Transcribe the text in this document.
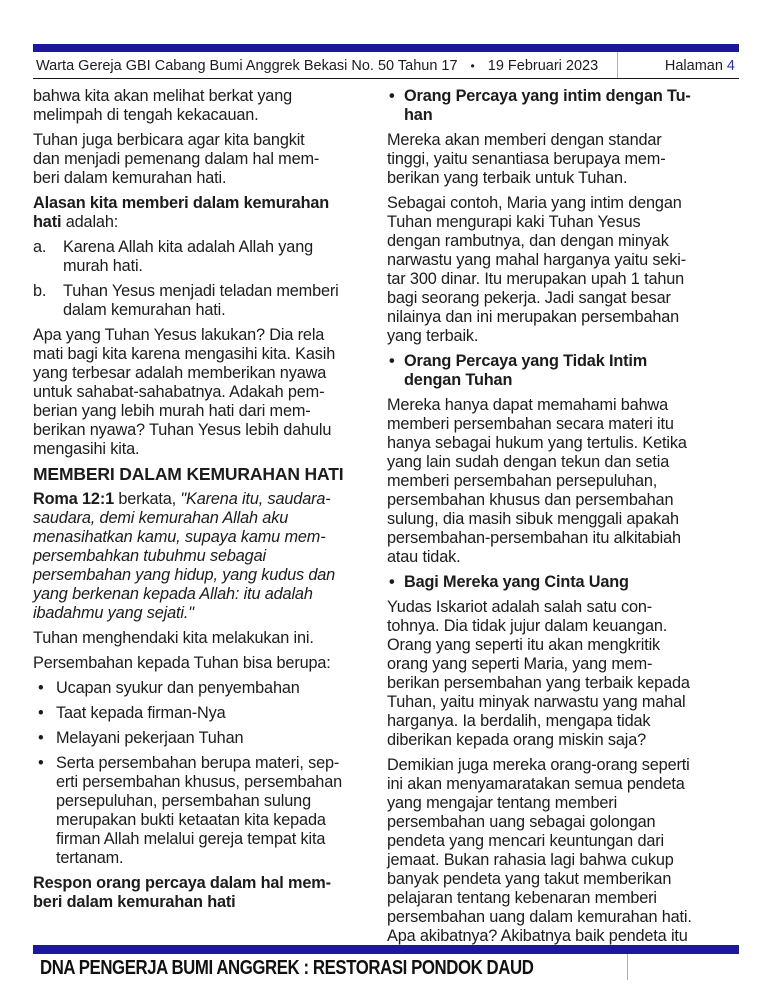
Warta Gereja GBI Cabang Bumi Anggrek Bekasi No. 50 Tahun 17 • 19 Februari 2023	Halaman 4
bahwa kita akan melihat berkat yang
melimpah di tengah kekacauan.
Tuhan juga berbicara agar kita bangkit
dan menjadi pemenang dalam hal mem-
beri dalam kemurahan hati.
Alasan kita memberi dalam kemurahan
hati adalah:
a.	Karena Allah kita adalah Allah yang
murah hati.
b.	Tuhan Yesus menjadi teladan memberi
dalam kemurahan hati.
Apa yang Tuhan Yesus lakukan? Dia rela
mati bagi kita karena mengasihi kita. Kasih
yang terbesar adalah memberikan nyawa
untuk sahabat-sahabatnya. Adakah pem-
berian yang lebih murah hati dari mem-
berikan nyawa? Tuhan Yesus lebih dahulu
mengasihi kita.
MEMBERI DALAM KEMURAHAN HATI
Roma 12:1 berkata, "Karena itu, saudara-
saudara, demi kemurahan Allah aku
menasihatkan kamu, supaya kamu mem-
persembahkan tubuhmu sebagai
persembahan yang hidup, yang kudus dan
yang berkenan kepada Allah: itu adalah
ibadahmu yang sejati."
Tuhan menghendaki kita melakukan ini.
Persembahan kepada Tuhan bisa berupa:
• Ucapan syukur dan penyembahan
• Taat kepada firman-Nya
• Melayani pekerjaan Tuhan
• Serta persembahan berupa materi, sep-
erti persembahan khusus, persembahan
persepuluhan, persembahan sulung
merupakan bukti ketaatan kita kepada
firman Allah melalui gereja tempat kita
tertanam.
Respon orang percaya dalam hal mem-
beri dalam kemurahan hati
• Orang Percaya yang intim dengan Tu-
han
Mereka akan memberi dengan standar
tinggi, yaitu senantiasa berupaya mem-
berikan yang terbaik untuk Tuhan.
Sebagai contoh, Maria yang intim dengan
Tuhan mengurapi kaki Tuhan Yesus
dengan rambutnya, dan dengan minyak
narwastu yang mahal harganya yaitu seki-
tar 300 dinar. Itu merupakan upah 1 tahun
bagi seorang pekerja. Jadi sangat besar
nilainya dan ini merupakan persembahan
yang terbaik.
• Orang Percaya yang Tidak Intim
dengan Tuhan
Mereka hanya dapat memahami bahwa
memberi persembahan secara materi itu
hanya sebagai hukum yang tertulis. Ketika
yang lain sudah dengan tekun dan setia
memberi persembahan persepuluhan,
persembahan khusus dan persembahan
sulung, dia masih sibuk menggali apakah
persembahan-persembahan itu alkitabiah
atau tidak.
• Bagi Mereka yang Cinta Uang
Yudas Iskariot adalah salah satu con-
tohnya. Dia tidak jujur dalam keuangan.
Orang yang seperti itu akan mengkritik
orang yang seperti Maria, yang mem-
berikan persembahan yang terbaik kepada
Tuhan, yaitu minyak narwastu yang mahal
harganya. Ia berdalih, mengapa tidak
diberikan kepada orang miskin saja?
Demikian juga mereka orang-orang seperti
ini akan menyamaratakan semua pendeta
yang mengajar tentang memberi
persembahan uang sebagai golongan
pendeta yang mencari keuntungan dari
jemaat. Bukan rahasia lagi bahwa cukup
banyak pendeta yang takut memberikan
pelajaran tentang kebenaran memberi
persembahan uang dalam kemurahan hati.
Apa akibatnya? Akibatnya baik pendeta itu
DNA PENGERJA BUMI ANGGREK : RESTORASI PONDOK DAUD
